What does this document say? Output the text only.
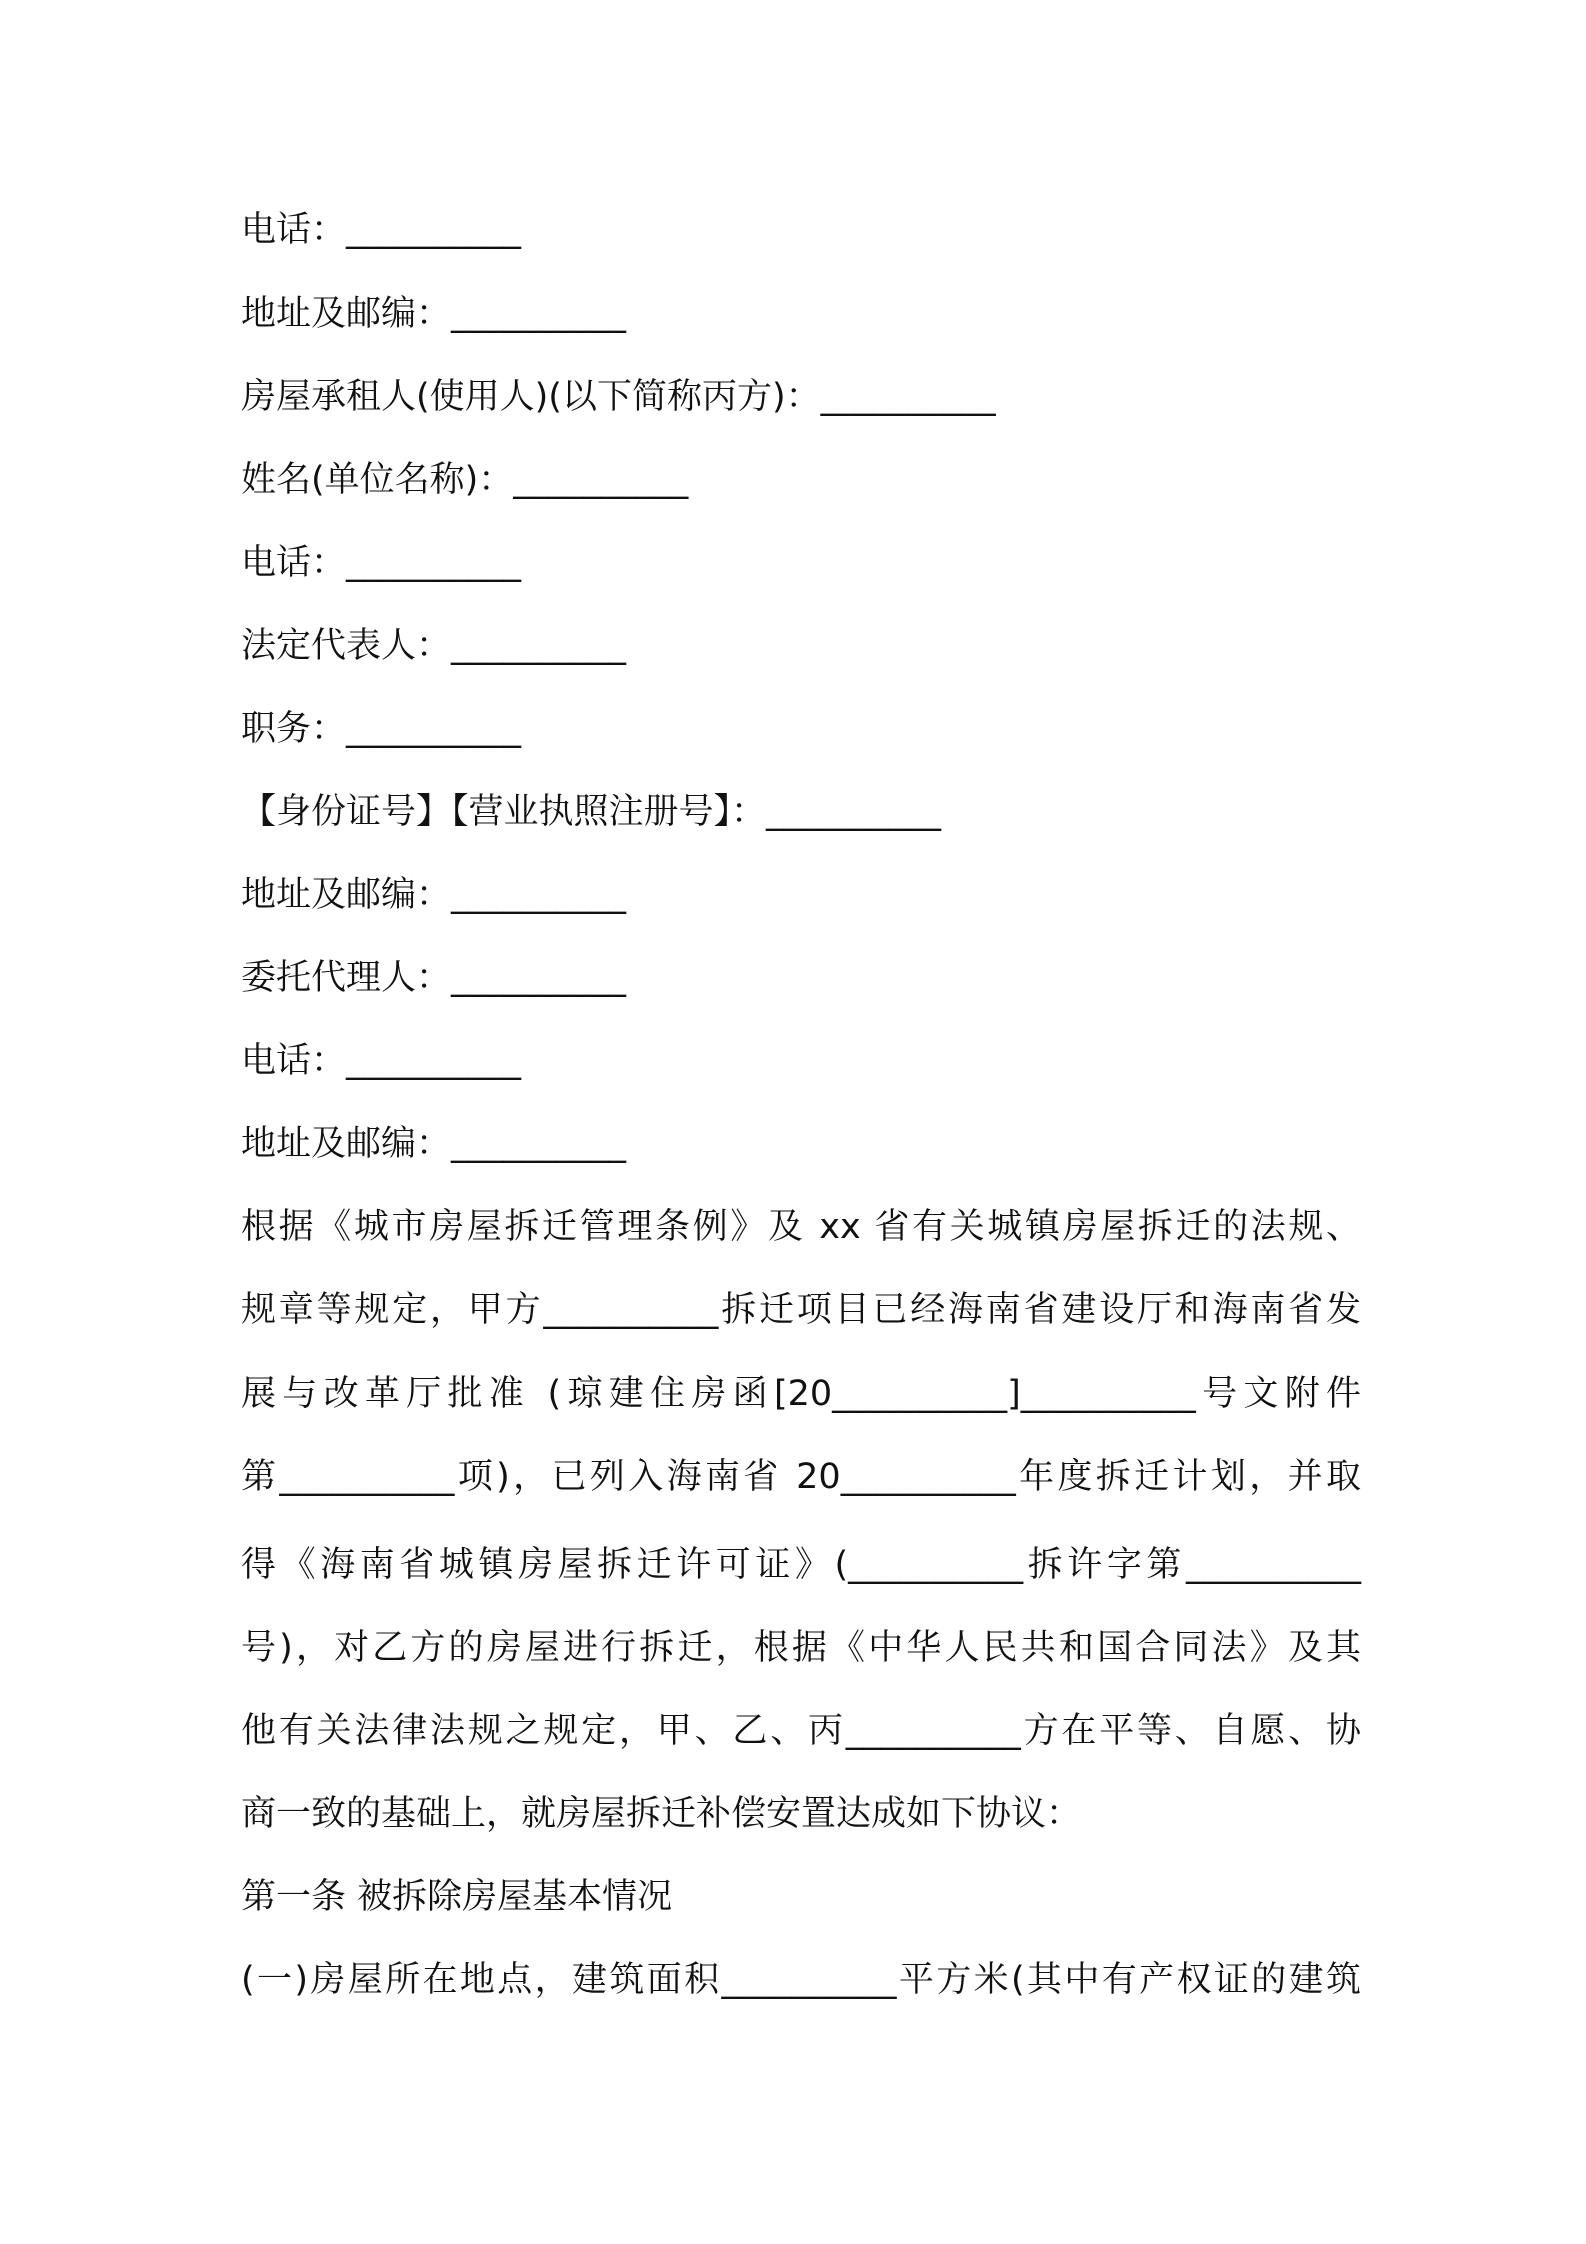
电话：__________
地址及邮编：__________
房屋承租人(使用人)(以下简称丙方)：__________
姓名(单位名称)：__________
电话：__________
法定代表人：__________
职务：__________
【身份证号】【营业执照注册号】：__________
地址及邮编：__________
委托代理人：__________
电话：__________
地址及邮编：__________
根据《城市房屋拆迁管理条例》及 xx 省有关城镇房屋拆迁的法规、
规章等规定，甲方__________拆迁项目已经海南省建设厅和海南省发
展与改革厅批准 (琼建住房函[20__________]__________号文附件
第__________项)，已列入海南省 20__________年度拆迁计划，并取
得《海南省城镇房屋拆迁许可证》(__________拆许字第__________
号)，对乙方的房屋进行拆迁，根据《中华人民共和国合同法》及其
他有关法律法规之规定，甲、乙、丙__________方在平等、自愿、协
商一致的基础上，就房屋拆迁补偿安置达成如下协议：
第一条 被拆除房屋基本情况
(一)房屋所在地点，建筑面积__________平方米(其中有产权证的建筑
